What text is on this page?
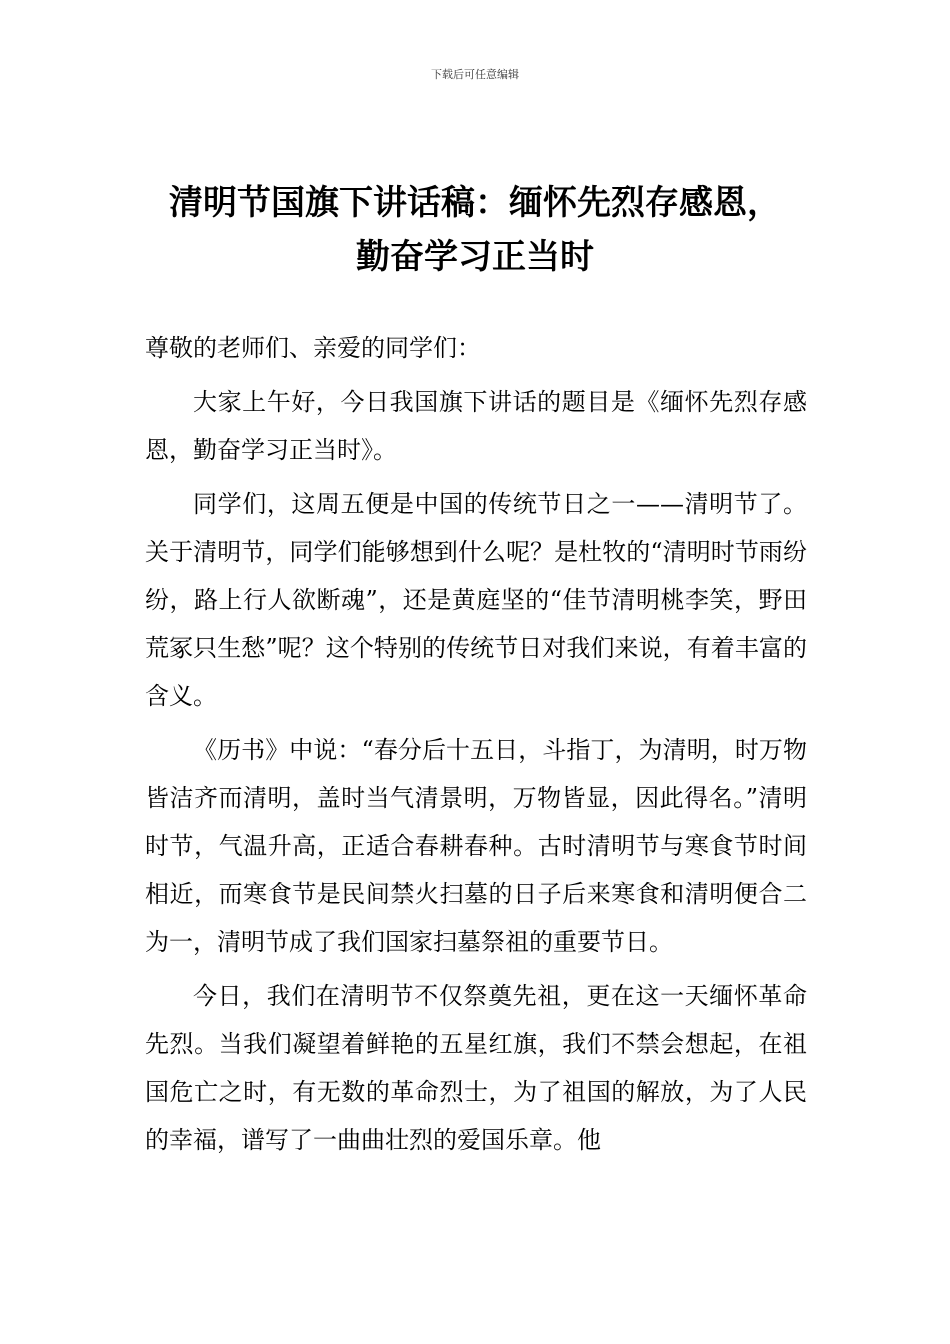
下载后可任意编辑
清明节国旗下讲话稿：缅怀先烈存感恩，
勤奋学习正当时

尊敬的老师们、亲爱的同学们：

大家上午好，今日我国旗下讲话的题目是《缅怀先烈存感恩，勤奋学习正当时》。

同学们，这周五便是中国的传统节日之一——清明节了。关于清明节，同学们能够想到什么呢？是杜牧的“清明时节雨纷纷，路上行人欲断魂”，还是黄庭坚的“佳节清明桃李笑，野田荒冢只生愁”呢？这个特别的传统节日对我们来说，有着丰富的含义。

《历书》中说：“春分后十五日，斗指丁，为清明，时万物皆洁齐而清明，盖时当气清景明，万物皆显，因此得名。”清明时节，气温升高，正适合春耕春种。古时清明节与寒食节时间相近，而寒食节是民间禁火扫墓的日子后来寒食和清明便合二为一，清明节成了我们国家扫墓祭祖的重要节日。

今日，我们在清明节不仅祭奠先祖，更在这一天缅怀革命先烈。当我们凝望着鲜艳的五星红旗，我们不禁会想起，在祖国危亡之时，有无数的革命烈士，为了祖国的解放，为了人民的幸福，谱写了一曲曲壮烈的爱国乐章。他
